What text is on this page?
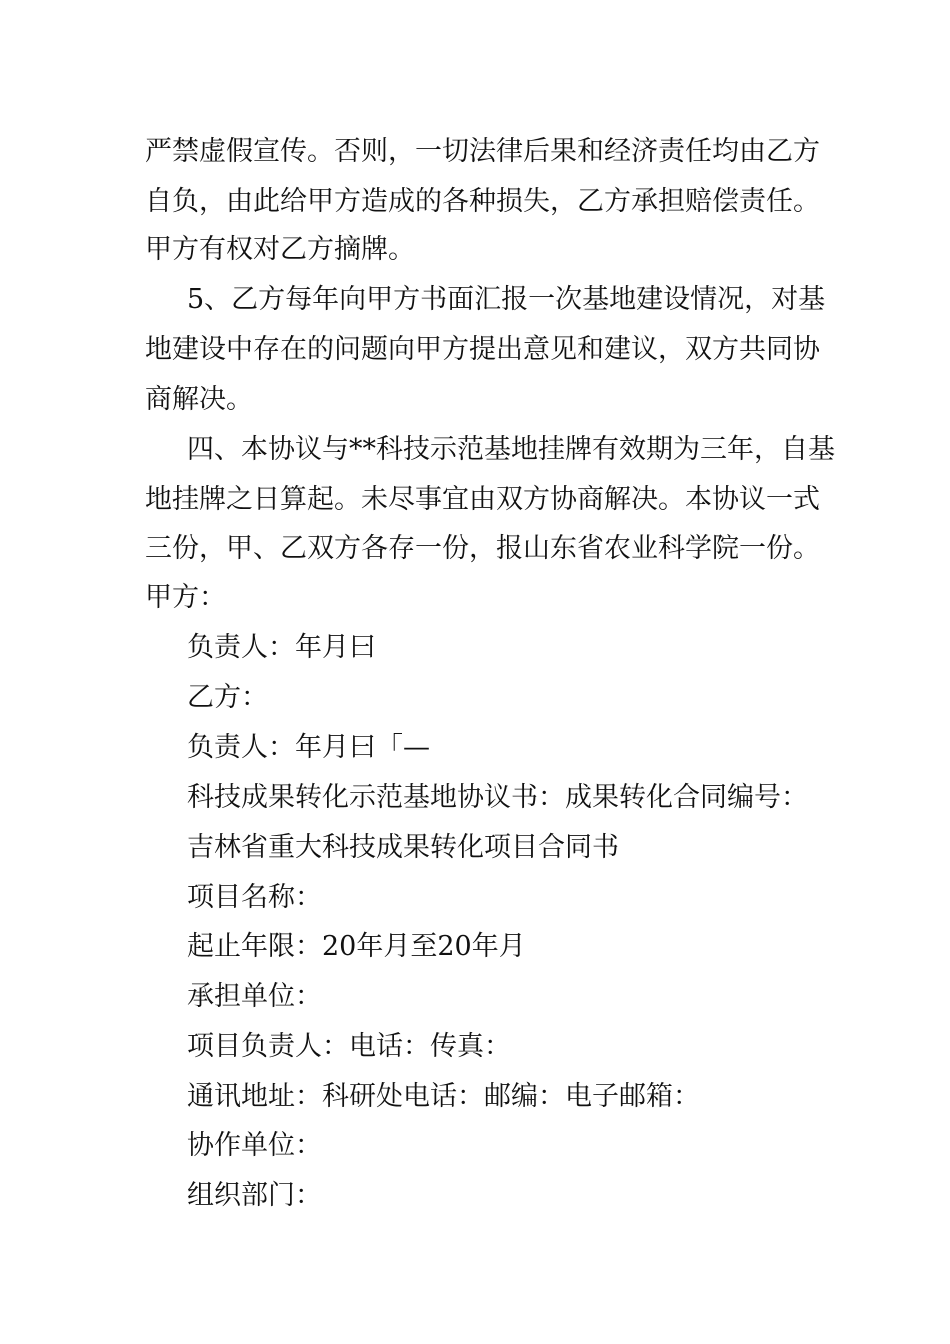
严禁虚假宣传。否则，一切法律后果和经济责任均由乙方
自负，由此给甲方造成的各种损失，乙方承担赔偿责任。
甲方有权对乙方摘牌。
5、乙方每年向甲方书面汇报一次基地建设情况，对基
地建设中存在的问题向甲方提出意见和建议，双方共同协
商解决。
四、本协议与**科技示范基地挂牌有效期为三年，自基
地挂牌之日算起。未尽事宜由双方协商解决。本协议一式
三份，甲、乙双方各存一份，报山东省农业科学院一份。
甲方：
负责人：年月曰
乙方：
负责人：年月曰「—
科技成果转化示范基地协议书：成果转化合同编号：
吉林省重大科技成果转化项目合同书
项目名称：
起止年限：20年月至20年月
承担单位：
项目负责人：电话：传真：
通讯地址：科研处电话：邮编：电子邮箱：
协作单位：
组织部门：
